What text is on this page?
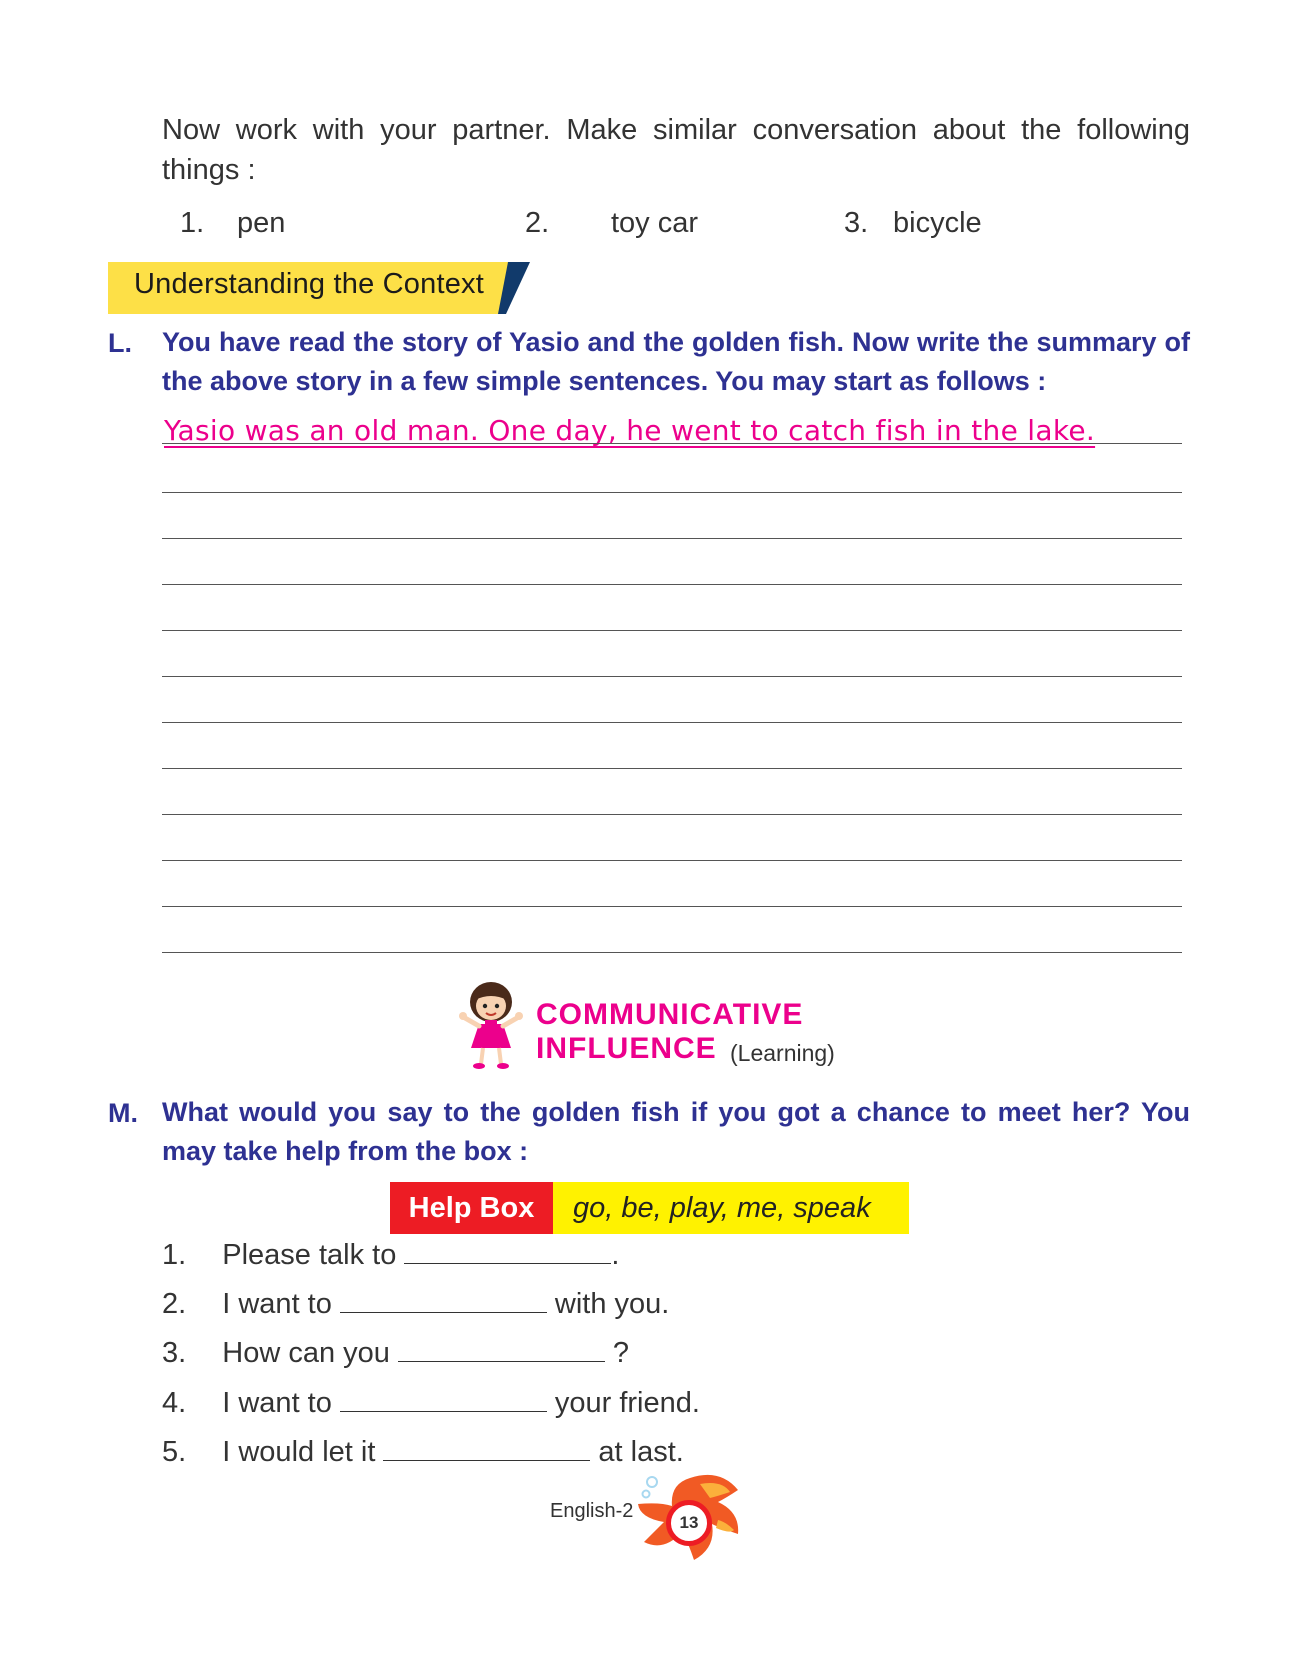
Now work with your partner. Make similar conversation about the following things :
1. pen	2. toy car	3. bicycle
Understanding the Context
L. You have read the story of Yasio and the golden fish. Now write the summary of the above story in a few simple sentences. You may start as follows :
Yasio was an old man. One day, he went to catch fish in the lake.
COMMUNICATIVE
INFLUENCE (Learning)
M. What would you say to the golden fish if you got a chance to meet her? You may take help from the box :
Help Box	go, be, play, me, speak
1. Please talk to	.
2. I want to	with you.
3. How can you	?
4. I want to	your friend.
5. I would let it	at last.
13
English-2
